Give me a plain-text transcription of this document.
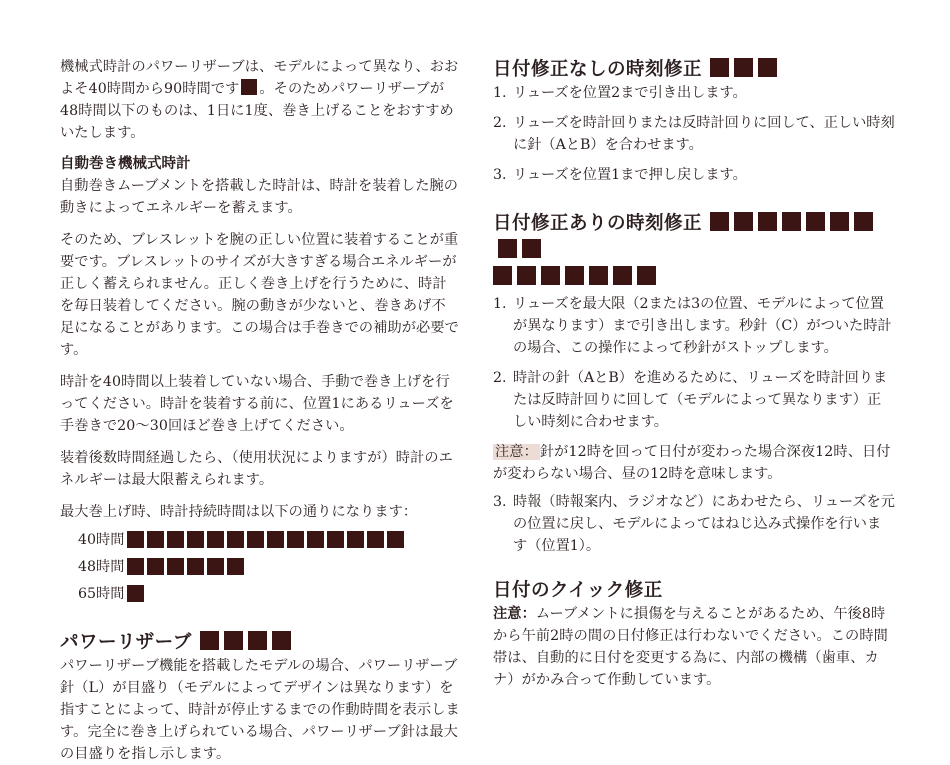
機械式時計のパワーリザーブは、モデルによって異なり、おおよそ40時間から90時間です 。そのためパワーリザーブが48時間以下のものは、1日に1度、巻き上げることをおすすめいたします。

自動巻き機械式時計

自動巻きムーブメントを搭載した時計は、時計を装着した腕の動きによってエネルギーを蓄えます。

そのため、ブレスレットを腕の正しい位置に装着することが重要です。ブレスレットのサイズが大きすぎる場合エネルギーが正しく蓄えられません。正しく巻き上げを行うために、時計を毎日装着してください。腕の動きが少ないと、巻きあげ不足になることがあります。この場合は手巻きでの補助が必要です。

時計を40時間以上装着していない場合、手動で巻き上げを行ってください。時計を装着する前に、位置1にあるリューズを手巻きで20〜30回ほど巻き上げてください。

装着後数時間経過したら、（使用状況によりますが）時計のエネルギーは最大限蓄えられます。

最大巻上げ時、時計持続時間は以下の通りになります：

40時間
48時間
65時間
パワーリザーブ

パワーリザーブ機能を搭載したモデルの場合、パワーリザーブ針（L）が目盛り（モデルによってデザインは異なります）を指すことによって、時計が停止するまでの作動時間を表示します。完全に巻き上げられている場合、パワーリザーブ針は最大の目盛りを指し示します。

日付修正なしの時刻修正
1. リューズを位置2まで引き出します。
2. リューズを時計回りまたは反時計回りに回して、正しい時刻に針（AとB）を合わせます。
3. リューズを位置1まで押し戻します。
日付修正ありの時刻修正

1. リューズを最大限（2または3の位置、モデルによって位置が異なります）まで引き出します。秒針（C）がついた時計の場合、この操作によって秒針がストップします。
2. 時計の針（AとB）を進めるために、リューズを時計回りまたは反時計回りに回して（モデルによって異なります）正しい時刻に合わせます。

注意： 針が12時を回って日付が変わった場合深夜12時、日付が変わらない場合、昼の12時を意味します。

3. 時報（時報案内、ラジオなど）にあわせたら、リューズを元の位置に戻し、モデルによってはねじ込み式操作を行います（位置1）。
日付のクイック修正

注意：ムーブメントに損傷を与えることがあるため、午後8時から午前2時の間の日付修正は行わないでください。この時間帯は、自動的に日付を変更する為に、内部の機構（歯車、カナ）がかみ合って作動しています。
